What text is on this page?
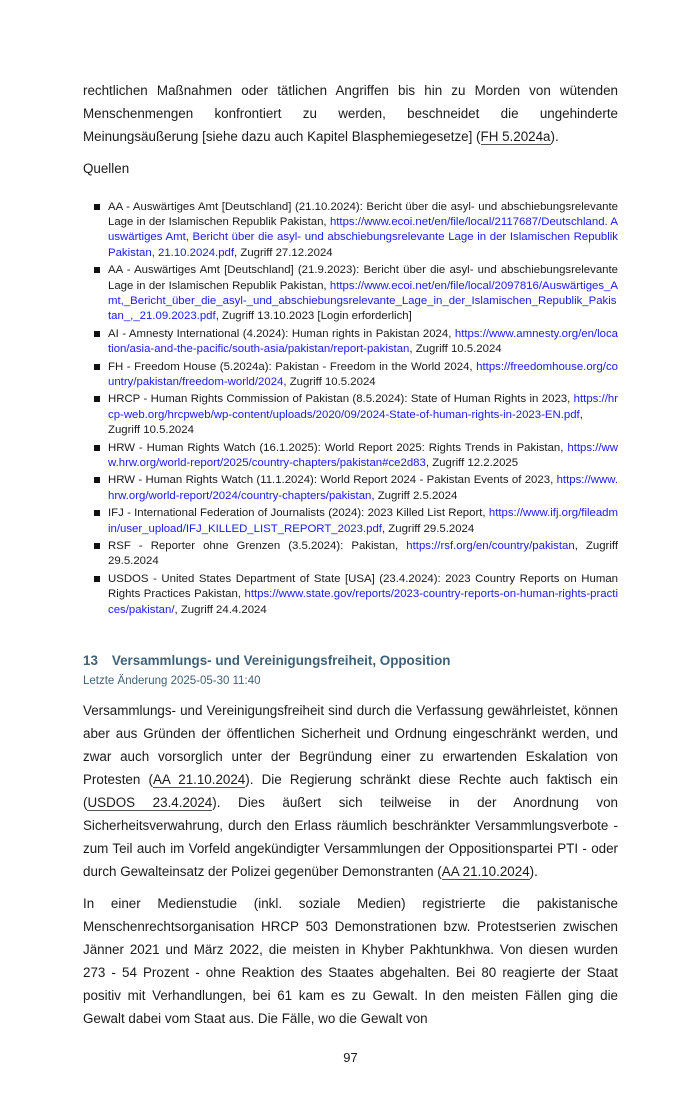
rechtlichen Maßnahmen oder tätlichen Angriffen bis hin zu Morden von wütenden Menschenmengen konfrontiert zu werden, beschneidet die ungehinderte Meinungsäußerung [siehe dazu auch Kapitel Blasphemiegesetze] (FH 5.2024a).

Quellen

AA - Auswärtiges Amt [Deutschland] (21.10.2024): Bericht über die asyl- und abschiebungsrelevante Lage in der Islamischen Republik Pakistan, https://www.ecoi.net/en/file/local/2117687/Deutschland. Auswärtiges Amt, Bericht über die asyl- und abschiebungsrelevante Lage in der Islamischen Republik Pakistan, 21.10.2024.pdf, Zugriff 27.12.2024
AA - Auswärtiges Amt [Deutschland] (21.9.2023): Bericht über die asyl- und abschiebungsrelevante Lage in der Islamischen Republik Pakistan, https://www.ecoi.net/en/file/local/2097816/Auswärtiges_Amt,_Bericht_über_die_asyl-_und_abschiebungsrelevante_Lage_in_der_Islamischen_Republik_Pakistan_,_21.09.2023.pdf, Zugriff 13.10.2023 [Login erforderlich]
AI - Amnesty International (4.2024): Human rights in Pakistan 2024, https://www.amnesty.org/en/location/asia-and-the-pacific/south-asia/pakistan/report-pakistan, Zugriff 10.5.2024
FH - Freedom House (5.2024a): Pakistan - Freedom in the World 2024, https://freedomhouse.org/country/pakistan/freedom-world/2024, Zugriff 10.5.2024
HRCP - Human Rights Commission of Pakistan (8.5.2024): State of Human Rights in 2023, https://hrcp-web.org/hrcpweb/wp-content/uploads/2020/09/2024-State-of-human-rights-in-2023-EN.pdf, Zugriff 10.5.2024
HRW - Human Rights Watch (16.1.2025): World Report 2025: Rights Trends in Pakistan, https://www.hrw.org/world-report/2025/country-chapters/pakistan#ce2d83, Zugriff 12.2.2025
HRW - Human Rights Watch (11.1.2024): World Report 2024 - Pakistan Events of 2023, https://www.hrw.org/world-report/2024/country-chapters/pakistan, Zugriff 2.5.2024
IFJ - International Federation of Journalists (2024): 2023 Killed List Report, https://www.ifj.org/fileadmin/user_upload/IFJ_KILLED_LIST_REPORT_2023.pdf, Zugriff 29.5.2024
RSF - Reporter ohne Grenzen (3.5.2024): Pakistan, https://rsf.org/en/country/pakistan, Zugriff 29.5.2024
USDOS - United States Department of State [USA] (23.4.2024): 2023 Country Reports on Human Rights Practices Pakistan, https://www.state.gov/reports/2023-country-reports-on-human-rights-practices/pakistan/, Zugriff 24.4.2024
13 Versammlungs- und Vereinigungsfreiheit, Opposition
Letzte Änderung 2025-05-30 11:40

Versammlungs- und Vereinigungsfreiheit sind durch die Verfassung gewährleistet, können aber aus Gründen der öffentlichen Sicherheit und Ordnung eingeschränkt werden, und zwar auch vorsorglich unter der Begründung einer zu erwartenden Eskalation von Protesten (AA 21.10.2024). Die Regierung schränkt diese Rechte auch faktisch ein (USDOS 23.4.2024). Dies äußert sich teilweise in der Anordnung von Sicherheitsverwahrung, durch den Erlass räumlich beschränkter Versammlungsverbote - zum Teil auch im Vorfeld angekündigter Versammlungen der Oppositionspartei PTI - oder durch Gewalteinsatz der Polizei gegenüber Demonstranten (AA 21.10.2024).

In einer Medienstudie (inkl. soziale Medien) registrierte die pakistanische Menschenrechtsorganisation HRCP 503 Demonstrationen bzw. Protestserien zwischen Jänner 2021 und März 2022, die meisten in Khyber Pakhtunkhwa. Von diesen wurden 273 - 54 Prozent - ohne Reaktion des Staates abgehalten. Bei 80 reagierte der Staat positiv mit Verhandlungen, bei 61 kam es zu Gewalt. In den meisten Fällen ging die Gewalt dabei vom Staat aus. Die Fälle, wo die Gewalt von

97
